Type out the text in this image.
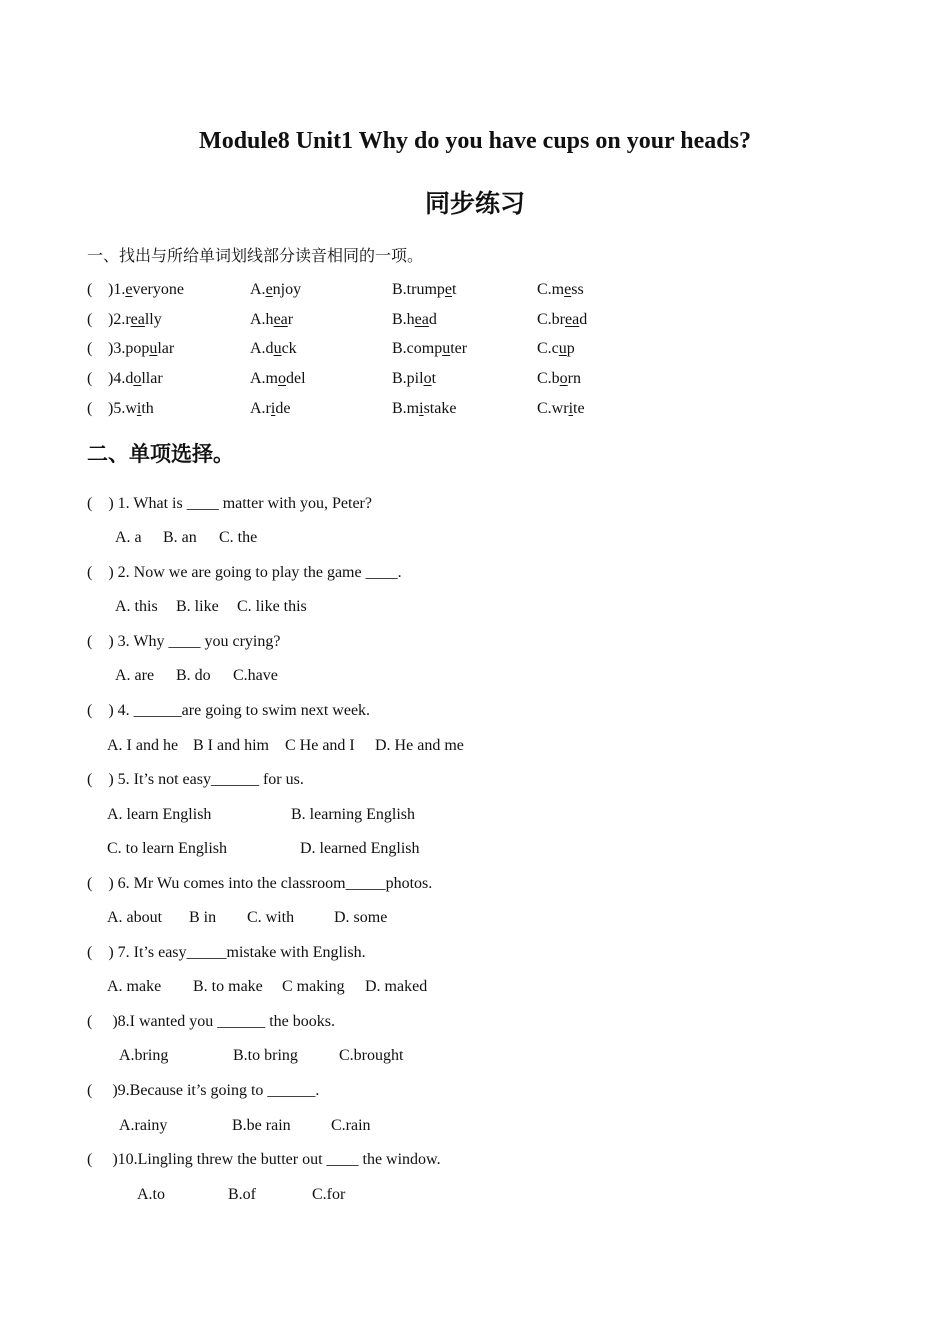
Module8 Unit1 Why do you have cups on your heads?
同步练习
一、找出与所给单词划线部分读音相同的一项。
( )1.everyone	A.enjoy	B.trumpet	C.mess
( )2.really	A.hear	B.head	C.bread
( )3.popular	A.duck	B.computer	C.cup
( )4.dollar	A.model	B.pilot	C.born
( )5.with	A.ride	B.mistake	C.write
二、单项选择。
(    ) 1. What is ____ matter with you, Peter?
A. a B. an C. the
(    ) 2. Now we are going to play the game ____.
A. this B. like C. like this
(    ) 3. Why ____ you crying?
A. are B. do C.have
(    ) 4. ______are going to swim next week.
A. I and he B I and him C He and I D. He and me
(    ) 5. It’s not easy______ for us.
A. learn English	B. learning English
C. to learn English	D. learned English
(    ) 6. Mr Wu comes into the classroom_____photos.
A. about B in C. with D. some
(    ) 7. It’s easy_____mistake with English.
A. make B. to make C making D. maked
(     )8.I wanted you ______ the books.
A.bring	B.to bring	C.brought
(     )9.Because it’s going to ______.
A.rainy	B.be rain	C.rain
(     )10.Lingling threw the butter out ____ the window.
A.to	B.of	C.for
